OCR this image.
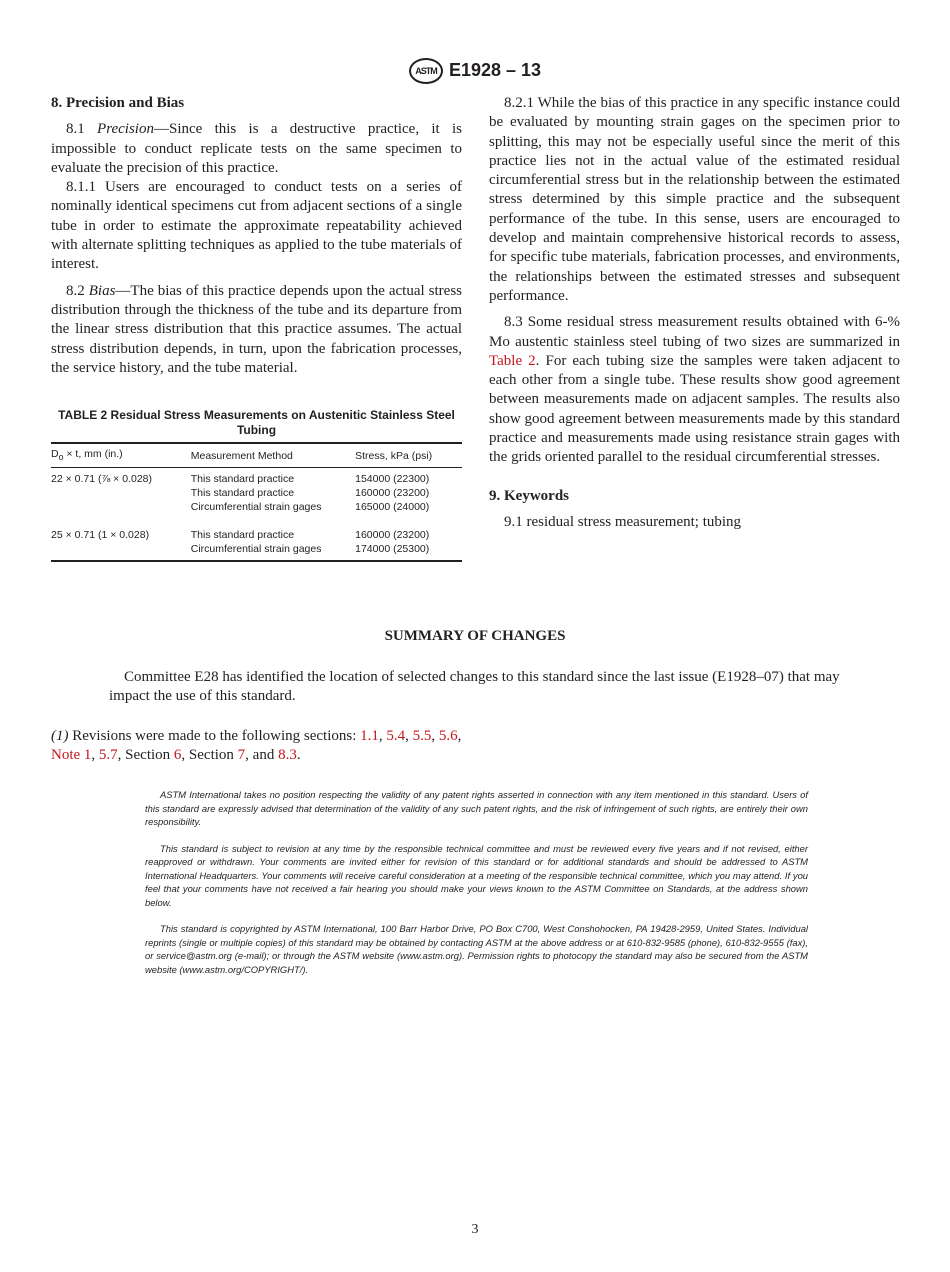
ASTM E1928 – 13
8. Precision and Bias

8.1 Precision—Since this is a destructive practice, it is impossible to conduct replicate tests on the same specimen to evaluate the precision of this practice.

8.1.1 Users are encouraged to conduct tests on a series of nominally identical specimens cut from adjacent sections of a single tube in order to estimate the approximate repeatability achieved with alternate splitting techniques as applied to the tube materials of interest.

8.2 Bias—The bias of this practice depends upon the actual stress distribution through the thickness of the tube and its departure from the linear stress distribution that this practice assumes. The actual stress distribution depends, in turn, upon the fabrication processes, the service history, and the tube material.

TABLE 2 Residual Stress Measurements on Austenitic Stainless Steel Tubing
$D_o \times t$, mm (in.)	Measurement Method	Stress, kPa (psi)
22 × 0.71 (⅞ × 0.028)	This standard practice	154000 (22300)
	This standard practice	160000 (23200)
	Circumferential strain gages	165000 (24000)
25 × 0.71 (1 × 0.028)	This standard practice	160000 (23200)
	Circumferential strain gages	174000 (25300)

8.2.1 While the bias of this practice in any specific instance could be evaluated by mounting strain gages on the specimen prior to splitting, this may not be especially useful since the merit of this practice lies not in the actual value of the estimated residual circumferential stress but in the relationship between the estimated stress determined by this simple practice and the subsequent performance of the tube. In this sense, users are encouraged to develop and maintain comprehensive historical records to assess, for specific tube materials, fabrication processes, and environments, the relationships between the estimated stresses and subsequent performance.

8.3 Some residual stress measurement results obtained with 6-% Mo austentic stainless steel tubing of two sizes are summarized in Table 2. For each tubing size the samples were taken adjacent to each other from a single tube. These results show good agreement between measurements made on adjacent samples. The results also show good agreement between measurements made by this standard practice and measurements made using resistance strain gages with the grids oriented parallel to the residual circumferential stresses.

9. Keywords

9.1 residual stress measurement; tubing

SUMMARY OF CHANGES

Committee E28 has identified the location of selected changes to this standard since the last issue (E1928–07) that may impact the use of this standard.

(1) Revisions were made to the following sections: 1.1, 5.4, 5.5, 5.6, Note 1, 5.7, Section 6, Section 7, and 8.3.

ASTM International takes no position respecting the validity of any patent rights asserted in connection with any item mentioned in this standard. Users of this standard are expressly advised that determination of the validity of any such patent rights, and the risk of infringement of such rights, are entirely their own responsibility.

This standard is subject to revision at any time by the responsible technical committee and must be reviewed every five years and if not revised, either reapproved or withdrawn. Your comments are invited either for revision of this standard or for additional standards and should be addressed to ASTM International Headquarters. Your comments will receive careful consideration at a meeting of the responsible technical committee, which you may attend. If you feel that your comments have not received a fair hearing you should make your views known to the ASTM Committee on Standards, at the address shown below.

This standard is copyrighted by ASTM International, 100 Barr Harbor Drive, PO Box C700, West Conshohocken, PA 19428-2959, United States. Individual reprints (single or multiple copies) of this standard may be obtained by contacting ASTM at the above address or at 610-832-9585 (phone), 610-832-9555 (fax), or service@astm.org (e-mail); or through the ASTM website (www.astm.org). Permission rights to photocopy the standard may also be secured from the ASTM website (www.astm.org/COPYRIGHT/).

3
